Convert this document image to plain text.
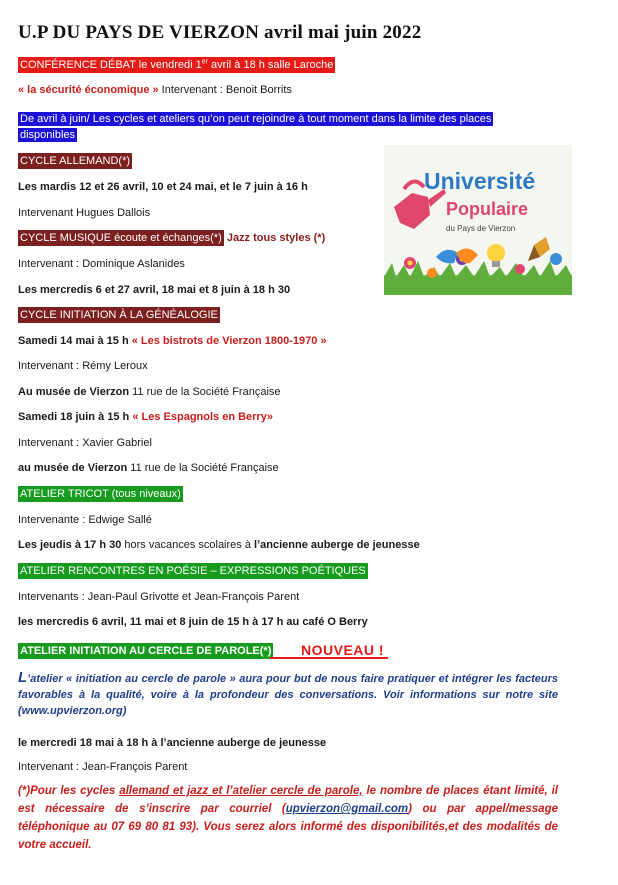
U.P DU PAYS DE VIERZON avril mai juin 2022
CONFÉRENCE DÉBAT le vendredi 1er avril à 18 h salle Laroche
« la sécurité économique » Intervenant : Benoit Borrits
De avril à juin/ Les cycles et ateliers qu’on peut rejoindre à tout moment dans la limite des places disponibles
CYCLE ALLEMAND(*)
Les mardis 12 et 26 avril, 10 et 24 mai, et le 7 juin à 16 h
Intervenant Hugues Dallois
CYCLE MUSIQUE écoute et échanges(*) Jazz tous styles (*)
Intervenant : Dominique Aslanides
Les mercredis 6 et 27 avril, 18 mai et 8 juin à 18 h 30
CYCLE INITIATION À LA GÉNÉALOGIE
Samedi 14 mai à 15 h « Les bistrots de Vierzon 1800-1970 »
Intervenant : Rémy Leroux
Au musée de Vierzon 11 rue de la Société Française
Samedi 18 juin à 15 h « Les Espagnols en Berry»
Intervenant : Xavier Gabriel
au musée de Vierzon 11 rue de la Société Française
ATELIER TRICOT (tous niveaux)
Intervenante : Edwige Sallé
Les jeudis à 17 h 30 hors vacances scolaires à l’ancienne auberge de jeunesse
ATELIER RENCONTRES EN POÉSIE – EXPRESSIONS POÉTIQUES
Intervenants : Jean-Paul Grivotte et Jean-François Parent
les mercredis 6 avril, 11 mai et 8 juin de 15 h à 17 h au café O Berry
ATELIER INITIATION AU CERCLE DE PAROLE(*) NOUVEAU !
L’atelier « initiation au cercle de parole » aura pour but de nous faire pratiquer et intégrer les facteurs favorables à la qualité, voire à la profondeur des conversations. Voir informations sur notre site (www.upvierzon.org)
le mercredi 18 mai à 18 h à l’ancienne auberge de jeunesse
Intervenant : Jean-François Parent
(*)Pour les cycles allemand et jazz et l’atelier cercle de parole, le nombre de places étant limité, il est nécessaire de s’inscrire par courriel (upvierzon@gmail.com) ou par appel/message téléphonique au 07 69 80 81 93). Vous serez alors informé des disponibilités,et des modalités de votre accueil.
Université
Populaire
du Pays de Vierzon
